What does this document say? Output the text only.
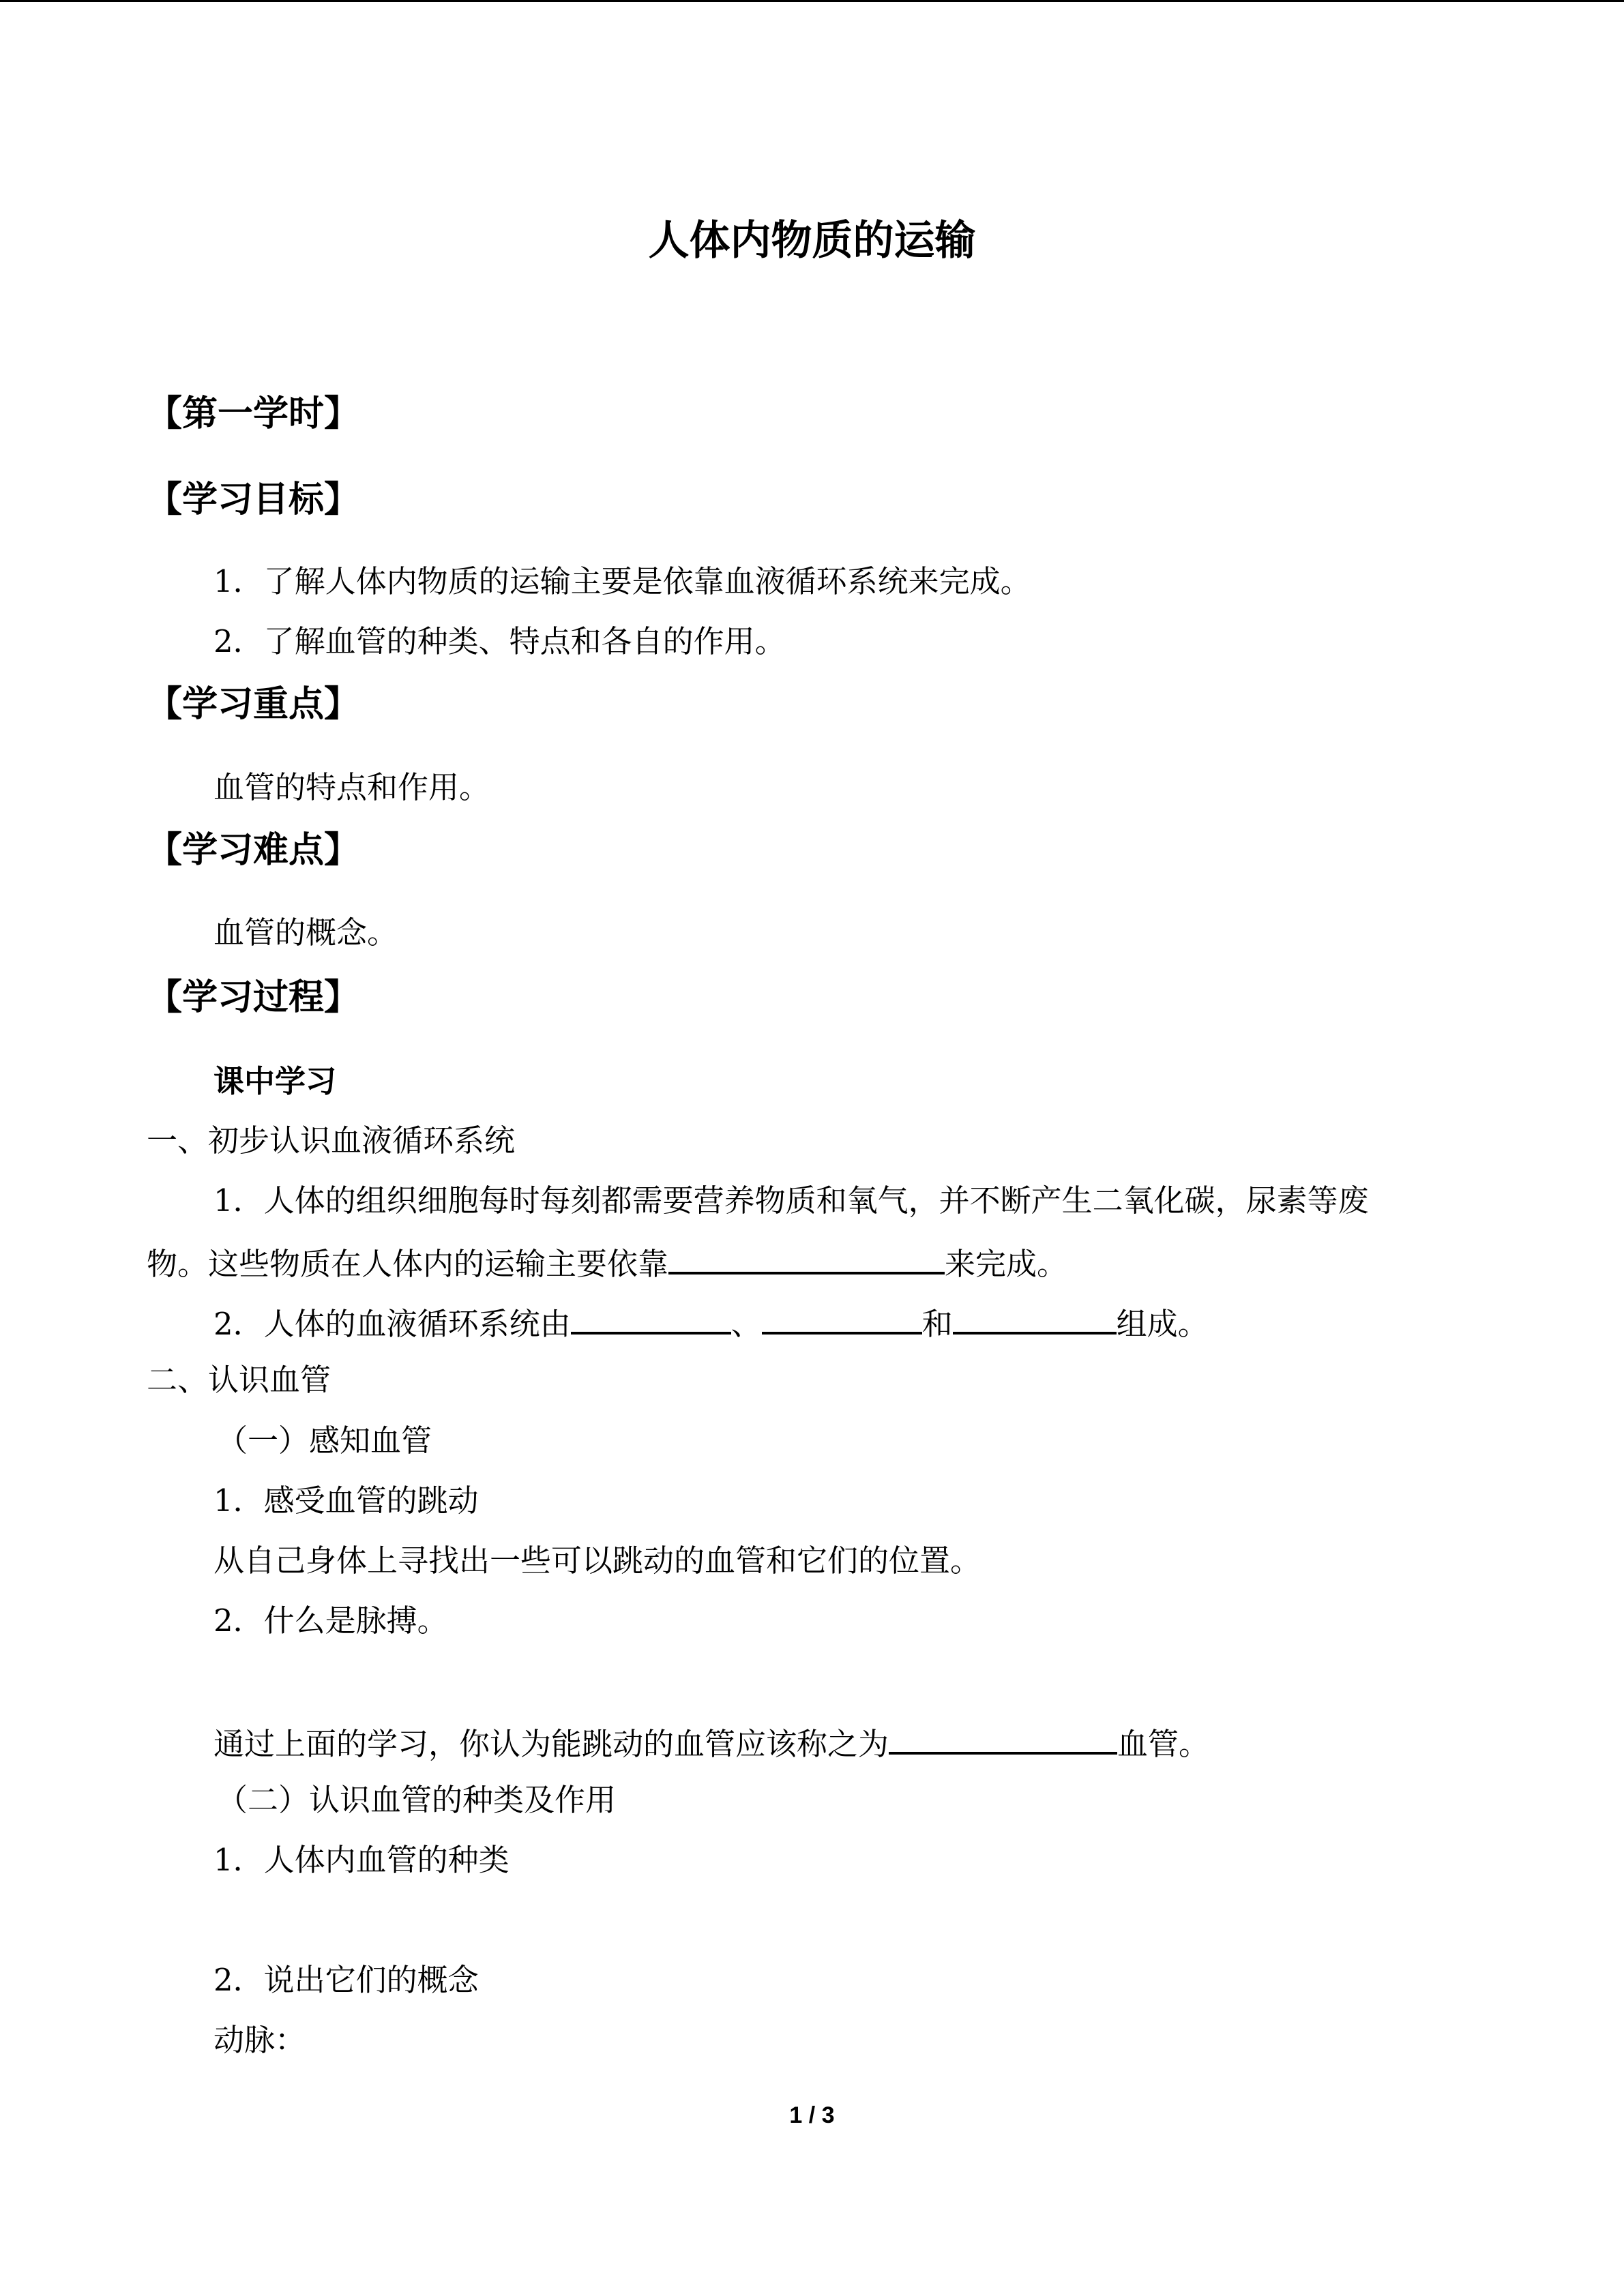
人体内物质的运输
【第一学时】
【学习目标】
1．了解人体内物质的运输主要是依靠血液循环系统来完成。
2．了解血管的种类、特点和各自的作用。
【学习重点】
血管的特点和作用。
【学习难点】
血管的概念。
【学习过程】
课中学习
一、初步认识血液循环系统
1．人体的组织细胞每时每刻都需要营养物质和氧气，并不断产生二氧化碳，尿素等废
物。这些物质在人体内的运输主要依靠	来完成。
2．人体的血液循环系统由	、	和	组成。
二、认识血管
（一）感知血管
1．感受血管的跳动
从自己身体上寻找出一些可以跳动的血管和它们的位置。
2．什么是脉搏。
通过上面的学习，你认为能跳动的血管应该称之为	血管。
（二）认识血管的种类及作用
1．人体内血管的种类
2．说出它们的概念
动脉：
1 / 3
